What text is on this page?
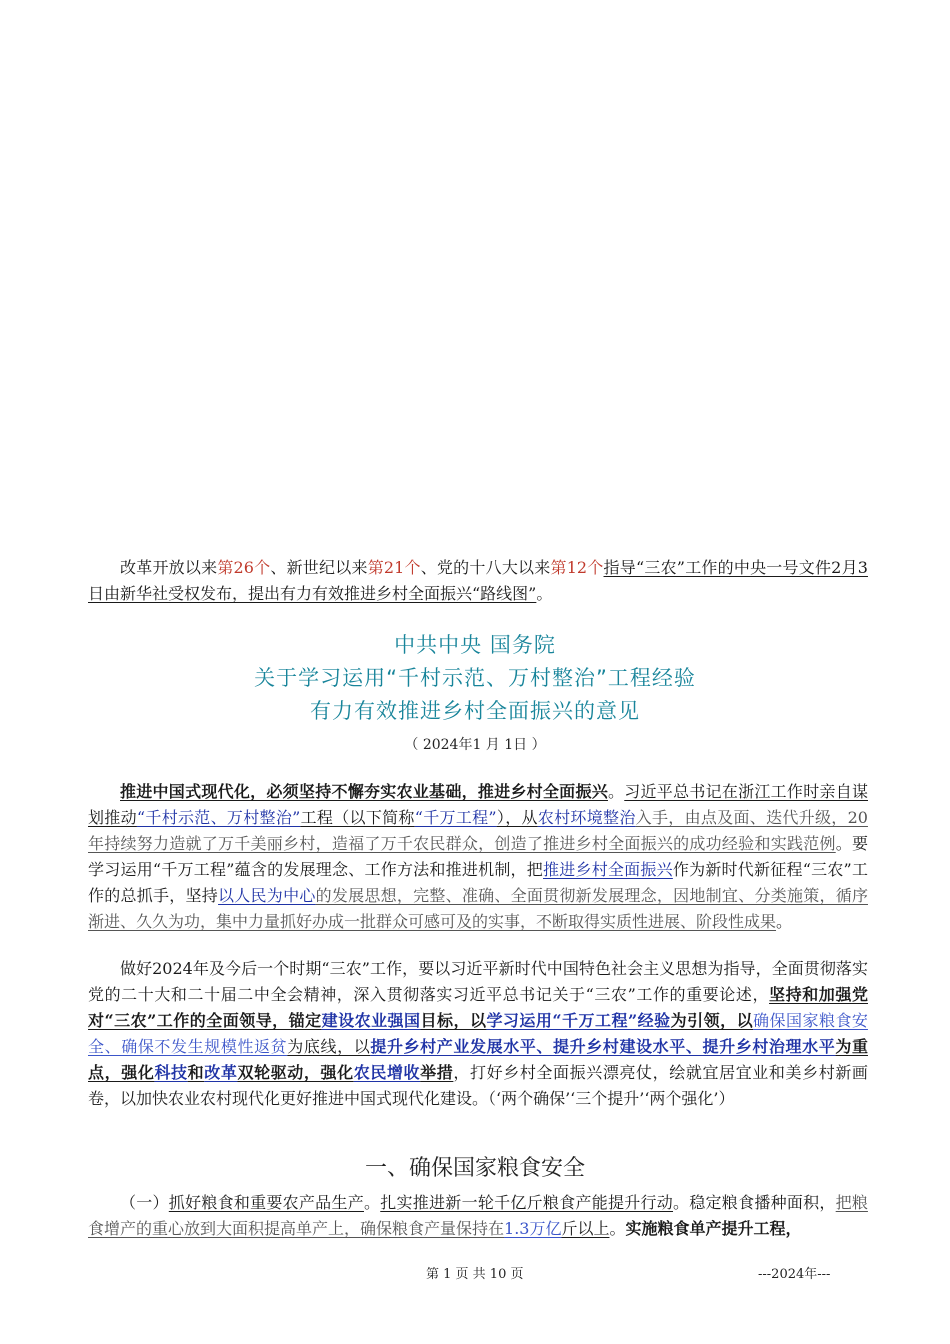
改革开放以来第26个、新世纪以来第21个、党的十八大以来第12个指导“三农”工作的中央一号文件2月3日由新华社受权发布，提出有力有效推进乡村全面振兴“路线图”。

中共中央 国务院

关于学习运用“千村示范、万村整治”工程经验

有力有效推进乡村全面振兴的意见

（ 2024年1 月 1日 ）

推进中国式现代化，必须坚持不懈夯实农业基础，推进乡村全面振兴。习近平总书记在浙江工作时亲自谋划推动“千村示范、万村整治”工程（以下简称“千万工程”），从农村环境整治入手，由点及面、迭代升级，20年持续努力造就了万千美丽乡村，造福了万千农民群众，创造了推进乡村全面振兴的成功经验和实践范例。要学习运用“千万工程”蕴含的发展理念、工作方法和推进机制，把推进乡村全面振兴作为新时代新征程“三农”工作的总抓手，坚持以人民为中心的发展思想，完整、准确、全面贯彻新发展理念，因地制宜、分类施策，循序渐进、久久为功，集中力量抓好办成一批群众可感可及的实事，不断取得实质性进展、阶段性成果。

做好2024年及今后一个时期“三农”工作，要以习近平新时代中国特色社会主义思想为指导，全面贯彻落实党的二十大和二十届二中全会精神，深入贯彻落实习近平总书记关于“三农”工作的重要论述，坚持和加强党对“三农”工作的全面领导，锚定建设农业强国目标，以学习运用“千万工程”经验为引领，以确保国家粮食安全、确保不发生规模性返贫为底线，以提升乡村产业发展水平、提升乡村建设水平、提升乡村治理水平为重点，强化科技和改革双轮驱动，强化农民增收举措，打好乡村全面振兴漂亮仗，绘就宜居宜业和美乡村新画卷，以加快农业农村现代化更好推进中国式现代化建设。（‘两个确保’‘三个提升’‘两个强化’）

一、确保国家粮食安全

（一）抓好粮食和重要农产品生产。扎实推进新一轮千亿斤粮食产能提升行动。稳定粮食播种面积，把粮食增产的重心放到大面积提高单产上，确保粮食产量保持在1.3万亿斤以上。实施粮食单产提升工程，

第 1 页 共 10 页	---2024年---
